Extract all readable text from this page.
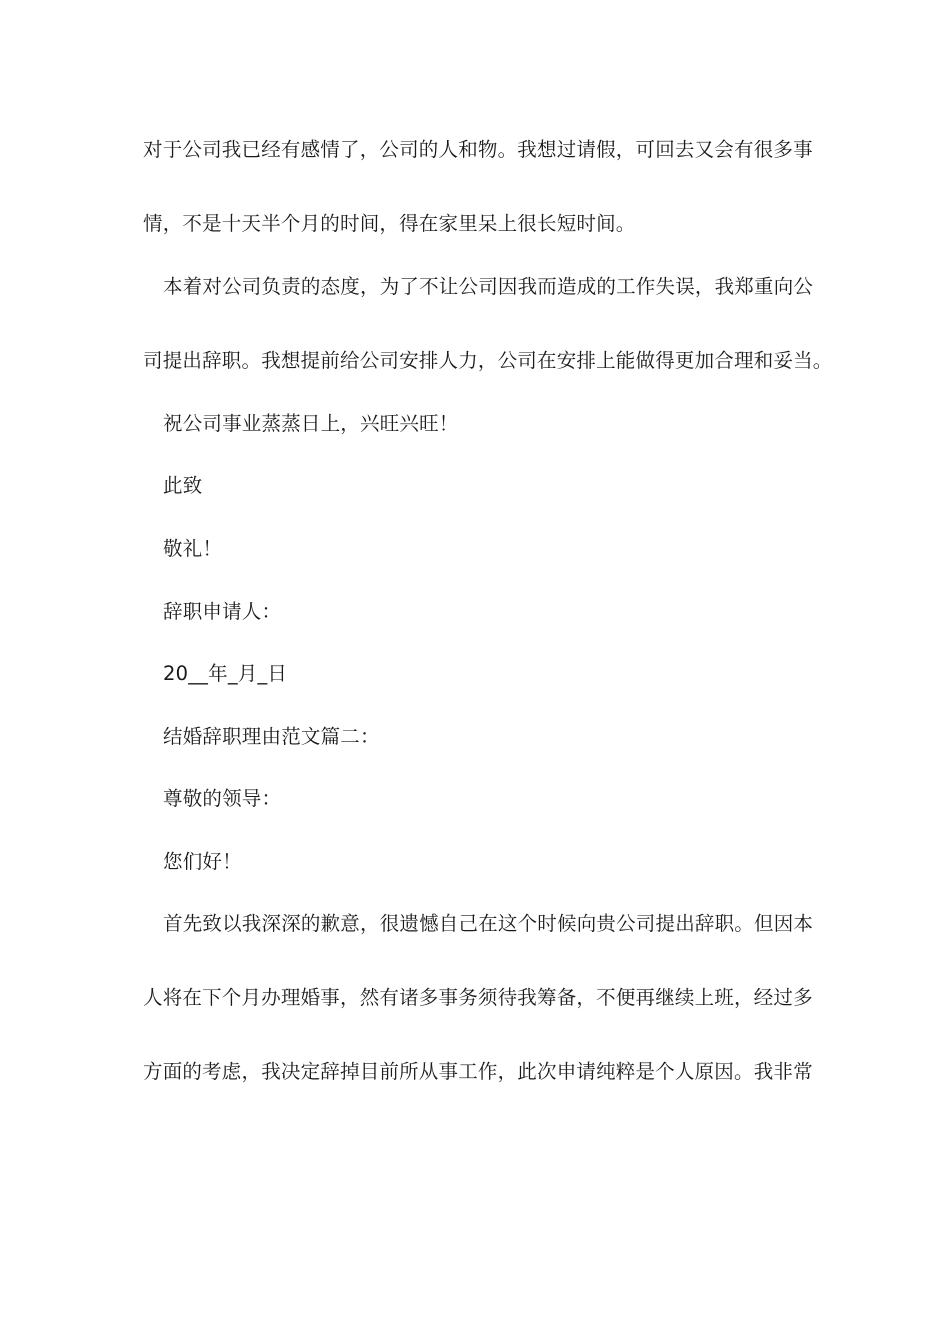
对于公司我已经有感情了，公司的人和物。我想过请假，可回去又会有很多事
情，不是十天半个月的时间，得在家里呆上很长短时间。
本着对公司负责的态度，为了不让公司因我而造成的工作失误，我郑重向公
司提出辞职。我想提前给公司安排人力，公司在安排上能做得更加合理和妥当。
祝公司事业蒸蒸日上，兴旺兴旺！
此致
敬礼！
辞职申请人：
20__年_月_日
结婚辞职理由范文篇二：
尊敬的领导：
您们好！
首先致以我深深的歉意，很遗憾自己在这个时候向贵公司提出辞职。但因本
人将在下个月办理婚事，然有诸多事务须待我筹备，不便再继续上班，经过多
方面的考虑，我决定辞掉目前所从事工作，此次申请纯粹是个人原因。我非常
